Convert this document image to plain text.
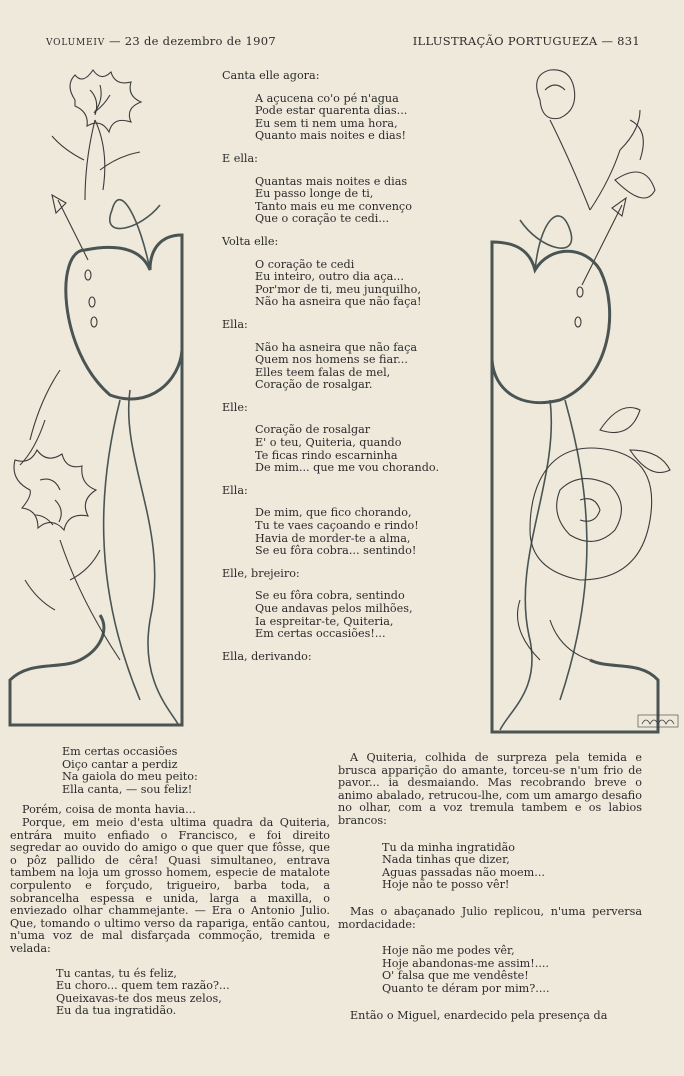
VOLUMEIV — 23 de dezembro de 1907	ILLUSTRAÇÃO PORTUGUEZA — 831
Canta elle agora:
A açucena co'o pé n'agua
Pode estar quarenta dias...
Eu sem ti nem uma hora,
Quanto mais noites e dias!
E ella:
Quantas mais noites e dias
Eu passo longe de ti,
Tanto mais eu me convenço
Que o coração te cedi...
Volta elle:
O coração te cedi
Eu inteiro, outro dia aça...
Por'mor de ti, meu junquilho,
Não ha asneira que não faça!
Ella:
Não ha asneira que não faça
Quem nos homens se fiar...
Elles teem falas de mel,
Coração de rosalgar.
Elle:
Coração de rosalgar
E' o teu, Quiteria, quando
Te ficas rindo escarninha
De mim... que me vou chorando.
Ella:
De mim, que fico chorando,
Tu te vaes caçoando e rindo!
Havia de morder-te a alma,
Se eu fôra cobra... sentindo!
Elle, brejeiro:
Se eu fôra cobra, sentindo
Que andavas pelos milhões,
Ia espreitar-te, Quiteria,
Em certas occasiões!...
Ella, derivando:
Em certas occasiões
Oiço cantar a perdiz
Na gaiola do meu peito:
Ella canta, — sou feliz!

Porém, coisa de monta havia...

Porque, em meio d'esta ultima quadra da Quiteria, entrára muito enfiado o Francisco, e foi direito segredar ao ouvido do amigo o que quer que fôsse, que o pôz pallido de cêra! Quasi simultaneo, entrava tambem na loja um grosso homem, especie de matalote corpulento e forçudo, trigueiro, barba toda, a sobrancelha espessa e unida, larga a maxilla, o enviezado olhar chammejante. — Era o Antonio Julio. Que, tomando o ultimo verso da rapariga, então cantou, n'uma voz de mal disfarçada commoção, tremida e velada:

Tu cantas, tu és feliz,
Eu choro... quem tem razão?...
Queixavas-te dos meus zelos,
Eu da tua ingratidão.

A Quiteria, colhida de surpreza pela temida e brusca apparição do amante, torceu-se n'um frio de pavor... ia desmaiando. Mas recobrando breve o animo abalado, retrucou-lhe, com um amargo desafio no olhar, com a voz tremula tambem e os labios brancos:

Tu da minha ingratidão
Nada tinhas que dizer,
Aguas passadas não moem...
Hoje não te posso vêr!

Mas o abaçanado Julio replicou, n'uma perversa mordacidade:

Hoje não me podes vêr,
Hoje abandonas-me assim!....
O' falsa que me vendêste!
Quanto te déram por mim?....

Então o Miguel, enardecido pela presença da
